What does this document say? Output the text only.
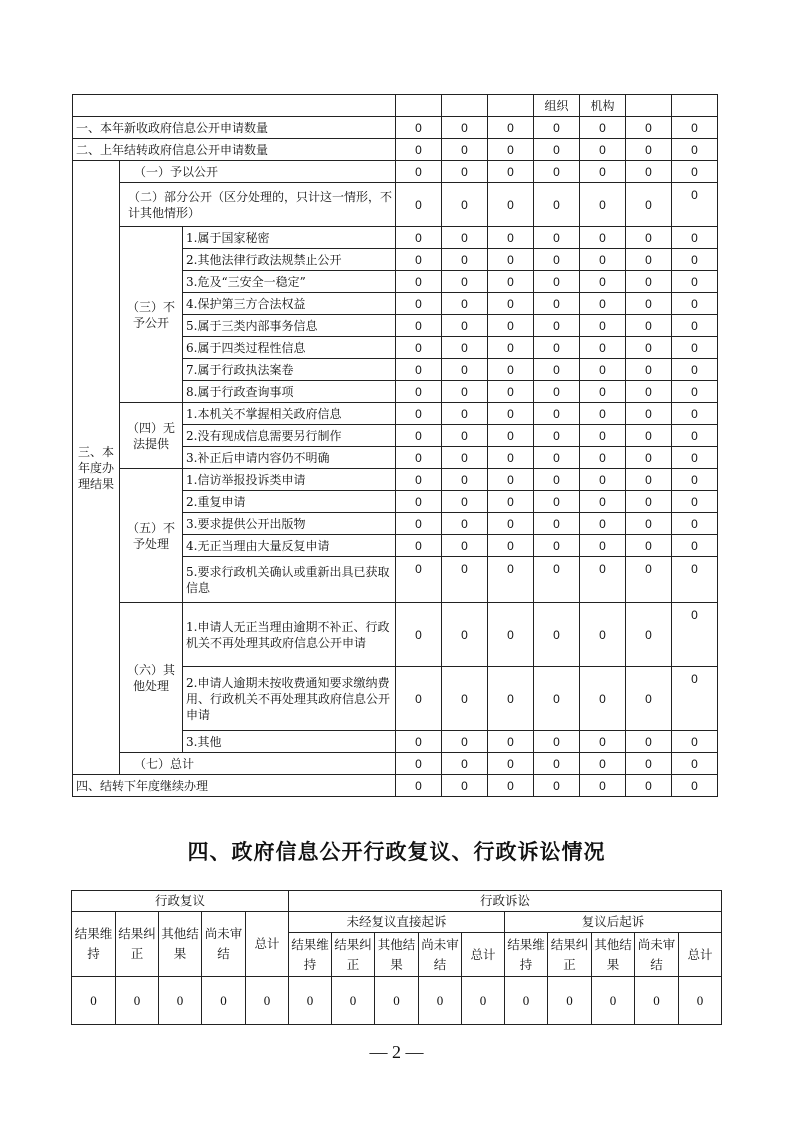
						组织	机构		
一、本年新收政府信息公开申请数量			0	0	0	0	0	0	0
二、上年结转政府信息公开申请数量			0	0	0	0	0	0	0
三、本年度办理结果	（一）予以公开		0	0	0	0	0	0	0
	（二）部分公开（区分处理的，只计这一情形，不计其他情形）		0	0	0	0	0	0	0
	（三）不予公开	1.属于国家秘密	0	0	0	0	0	0	0
		2.其他法律行政法规禁止公开	0	0	0	0	0	0	0
		3.危及“三安全一稳定”	0	0	0	0	0	0	0
		4.保护第三方合法权益	0	0	0	0	0	0	0
		5.属于三类内部事务信息	0	0	0	0	0	0	0
		6.属于四类过程性信息	0	0	0	0	0	0	0
		7.属于行政执法案卷	0	0	0	0	0	0	0
		8.属于行政查询事项	0	0	0	0	0	0	0
	（四）无法提供	1.本机关不掌握相关政府信息	0	0	0	0	0	0	0
		2.没有现成信息需要另行制作	0	0	0	0	0	0	0
		3.补正后申请内容仍不明确	0	0	0	0	0	0	0
	（五）不予处理	1.信访举报投诉类申请	0	0	0	0	0	0	0
		2.重复申请	0	0	0	0	0	0	0
		3.要求提供公开出版物	0	0	0	0	0	0	0
		4.无正当理由大量反复申请	0	0	0	0	0	0	0
		5.要求行政机关确认或重新出具已获取信息	0	0	0	0	0	0	0
	（六）其他处理	1.申请人无正当理由逾期不补正、行政机关不再处理其政府信息公开申请	0	0	0	0	0	0	0
		2.申请人逾期未按收费通知要求缴纳费用、行政机关不再处理其政府信息公开申请	0	0	0	0	0	0	0
		3.其他	0	0	0	0	0	0	0
	（七）总计		0	0	0	0	0	0	0
四、结转下年度继续办理			0	0	0	0	0	0	0
四、政府信息公开行政复议、行政诉讼情况
行政复议					行政诉讼									
结果维持	结果纠正	其他结果	尚未审结	总计	未经复议直接起诉					复议后起诉				
					结果维持	结果纠正	其他结果	尚未审结	总计	结果维持	结果纠正	其他结果	尚未审结	总计
0	0	0	0	0	0	0	0	0	0	0	0	0	0	0
— 2 —
